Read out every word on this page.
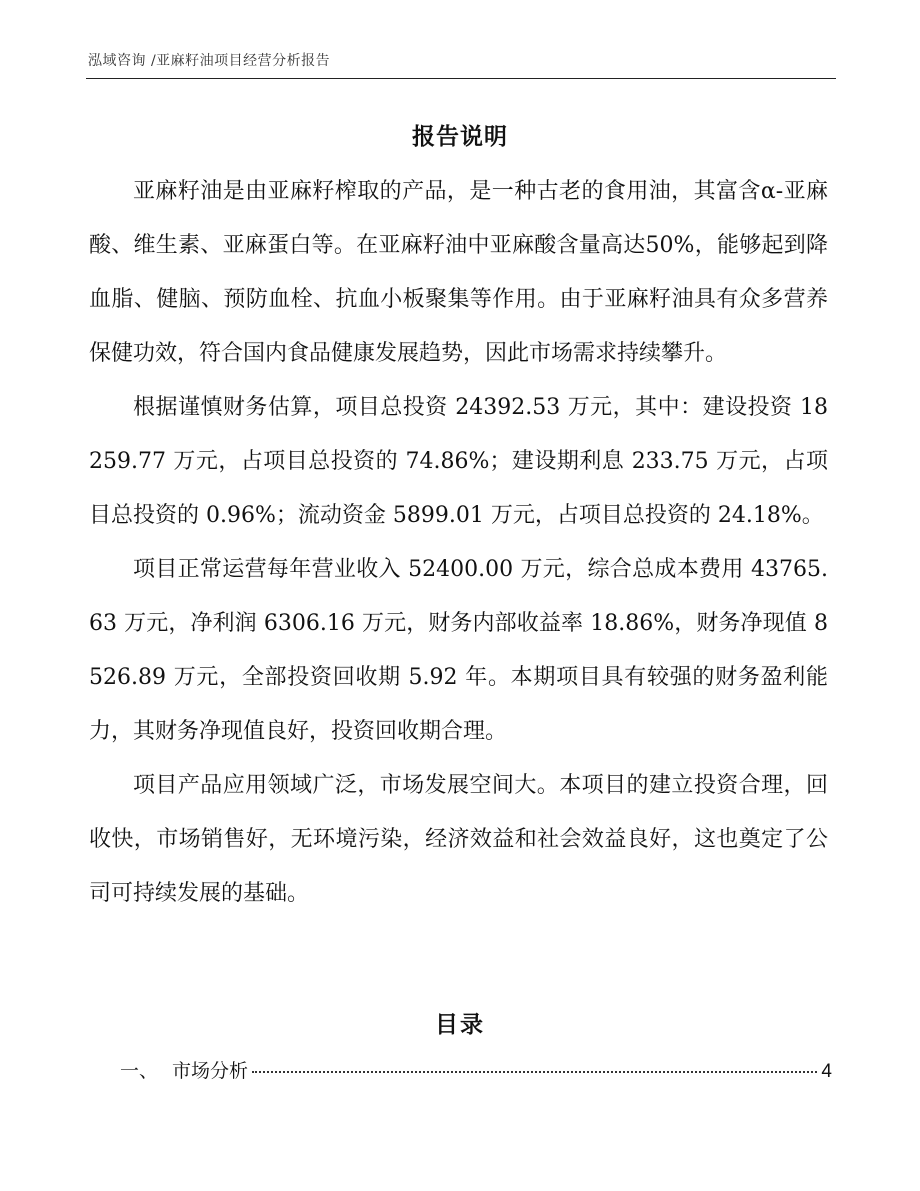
泓域咨询 /亚麻籽油项目经营分析报告
报告说明

亚麻籽油是由亚麻籽榨取的产品，是一种古老的食用油，其富含α-亚麻酸、维生素、亚麻蛋白等。在亚麻籽油中亚麻酸含量高达50%，能够起到降血脂、健脑、预防血栓、抗血小板聚集等作用。由于亚麻籽油具有众多营养保健功效，符合国内食品健康发展趋势，因此市场需求持续攀升。

根据谨慎财务估算，项目总投资 24392.53 万元，其中：建设投资 18259.77 万元，占项目总投资的 74.86%；建设期利息 233.75 万元，占项目总投资的 0.96%；流动资金 5899.01 万元，占项目总投资的 24.18%。

项目正常运营每年营业收入 52400.00 万元，综合总成本费用 43765.63 万元，净利润 6306.16 万元，财务内部收益率 18.86%，财务净现值 8526.89 万元，全部投资回收期 5.92 年。本期项目具有较强的财务盈利能力，其财务净现值良好，投资回收期合理。

项目产品应用领域广泛，市场发展空间大。本项目的建立投资合理，回收快，市场销售好，无环境污染，经济效益和社会效益良好，这也奠定了公司可持续发展的基础。

目录
一、 市场分析	4
